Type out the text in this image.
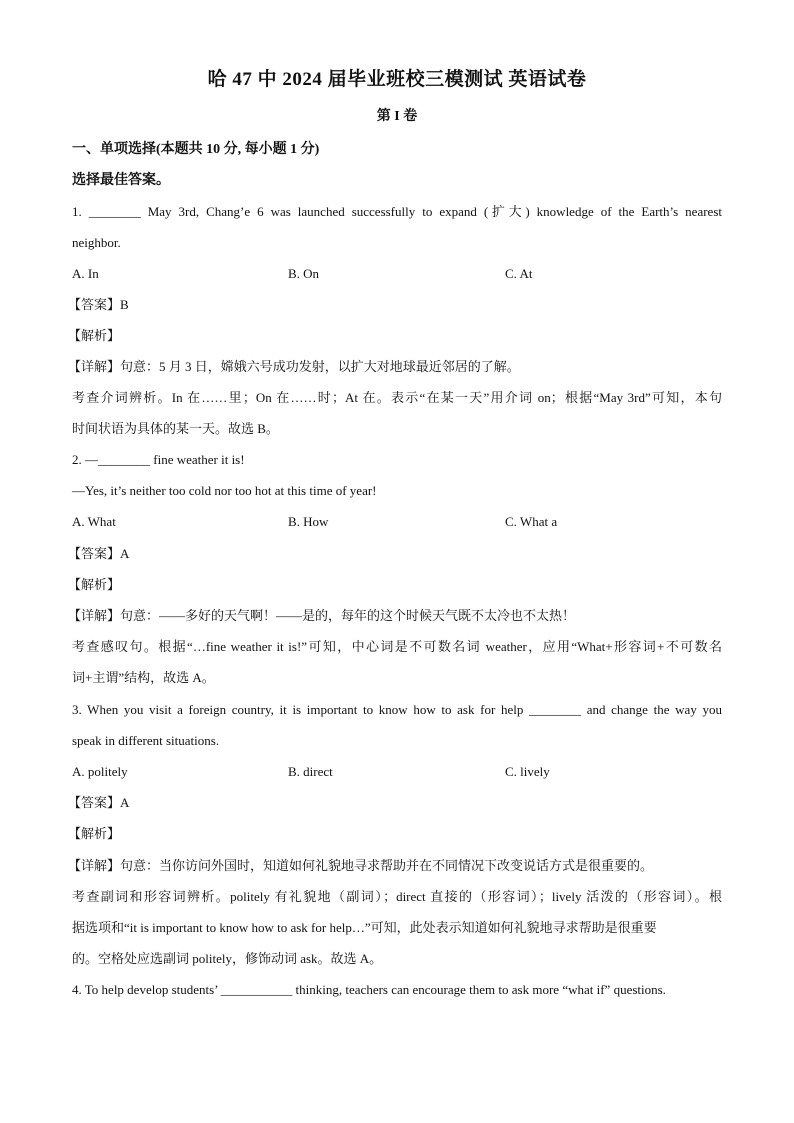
哈 47 中 2024 届毕业班校三模测试 英语试卷
第 I 卷
一、单项选择(本题共 10 分, 每小题 1 分)
选择最佳答案。
1. ________ May 3rd, Chang’e 6 was launched successfully to expand (扩大) knowledge of the Earth’s nearest
neighbor.
A. In	B. On	C. At
【答案】B
【解析】
【详解】句意：5 月 3 日，嫦娥六号成功发射，以扩大对地球最近邻居的了解。
考查介词辨析。In 在……里；On 在……时；At 在。表示“在某一天”用介词 on；根据“May 3rd”可知，本句
时间状语为具体的某一天。故选 B。
2. —________ fine weather it is!
—Yes, it’s neither too cold nor too hot at this time of year!
A. What	B. How	C. What a
【答案】A
【解析】
【详解】句意：——多好的天气啊！——是的，每年的这个时候天气既不太冷也不太热！
考查感叹句。根据“…fine weather it is!”可知，中心词是不可数名词 weather，应用“What+形容词+不可数名
词+主谓”结构，故选 A。
3. When you visit a foreign country, it is important to know how to ask for help ________ and change the way you
speak in different situations.
A. politely	B. direct	C. lively
【答案】A
【解析】
【详解】句意：当你访问外国时，知道如何礼貌地寻求帮助并在不同情况下改变说话方式是很重要的。
考查副词和形容词辨析。politely 有礼貌地（副词）；direct 直接的（形容词）；lively 活泼的（形容词）。根
据选项和“it is important to know how to ask for help…”可知，此处表示知道如何礼貌地寻求帮助是很重要
的。空格处应选副词 politely，修饰动词 ask。故选 A。
4. To help develop students’ ___________ thinking, teachers can encourage them to ask more “what if” questions.
